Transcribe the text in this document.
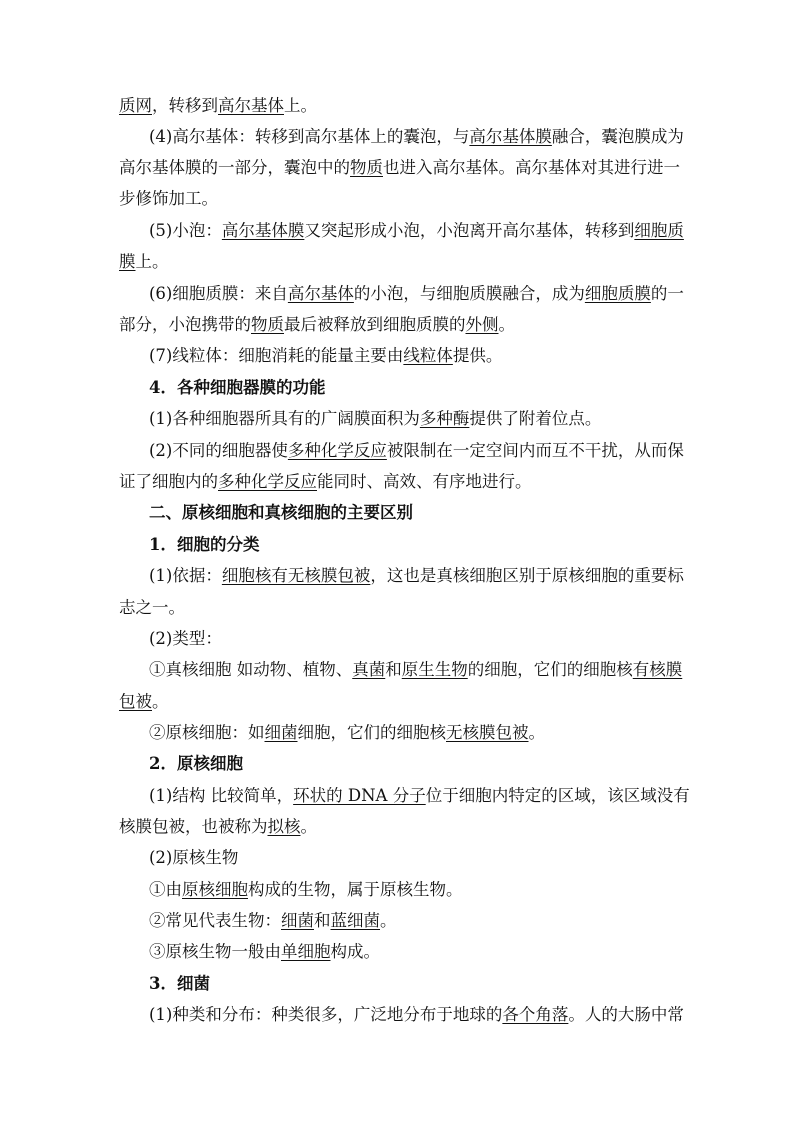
质网，转移到高尔基体上。
(4)高尔基体：转移到高尔基体上的囊泡，与高尔基体膜融合，囊泡膜成为
高尔基体膜的一部分，囊泡中的物质也进入高尔基体。高尔基体对其进行进一
步修饰加工。
(5)小泡：高尔基体膜又突起形成小泡，小泡离开高尔基体，转移到细胞质
膜上。
(6)细胞质膜：来自高尔基体的小泡，与细胞质膜融合，成为细胞质膜的一
部分，小泡携带的物质最后被释放到细胞质膜的外侧。
(7)线粒体：细胞消耗的能量主要由线粒体提供。
4．各种细胞器膜的功能
(1)各种细胞器所具有的广阔膜面积为多种酶提供了附着位点。
(2)不同的细胞器使多种化学反应被限制在一定空间内而互不干扰，从而保
证了细胞内的多种化学反应能同时、高效、有序地进行。
二、原核细胞和真核细胞的主要区别
1．细胞的分类
(1)依据：细胞核有无核膜包被，这也是真核细胞区别于原核细胞的重要标
志之一。
(2)类型：
①真核细胞 如动物、植物、真菌和原生生物的细胞，它们的细胞核有核膜
包被。
②原核细胞：如细菌细胞，它们的细胞核无核膜包被。
2．原核细胞
(1)结构 比较简单，环状的 DNA 分子位于细胞内特定的区域，该区域没有
核膜包被，也被称为拟核。
(2)原核生物
①由原核细胞构成的生物，属于原核生物。
②常见代表生物：细菌和蓝细菌。
③原核生物一般由单细胞构成。
3．细菌
(1)种类和分布：种类很多，广泛地分布于地球的各个角落。人的大肠中常
